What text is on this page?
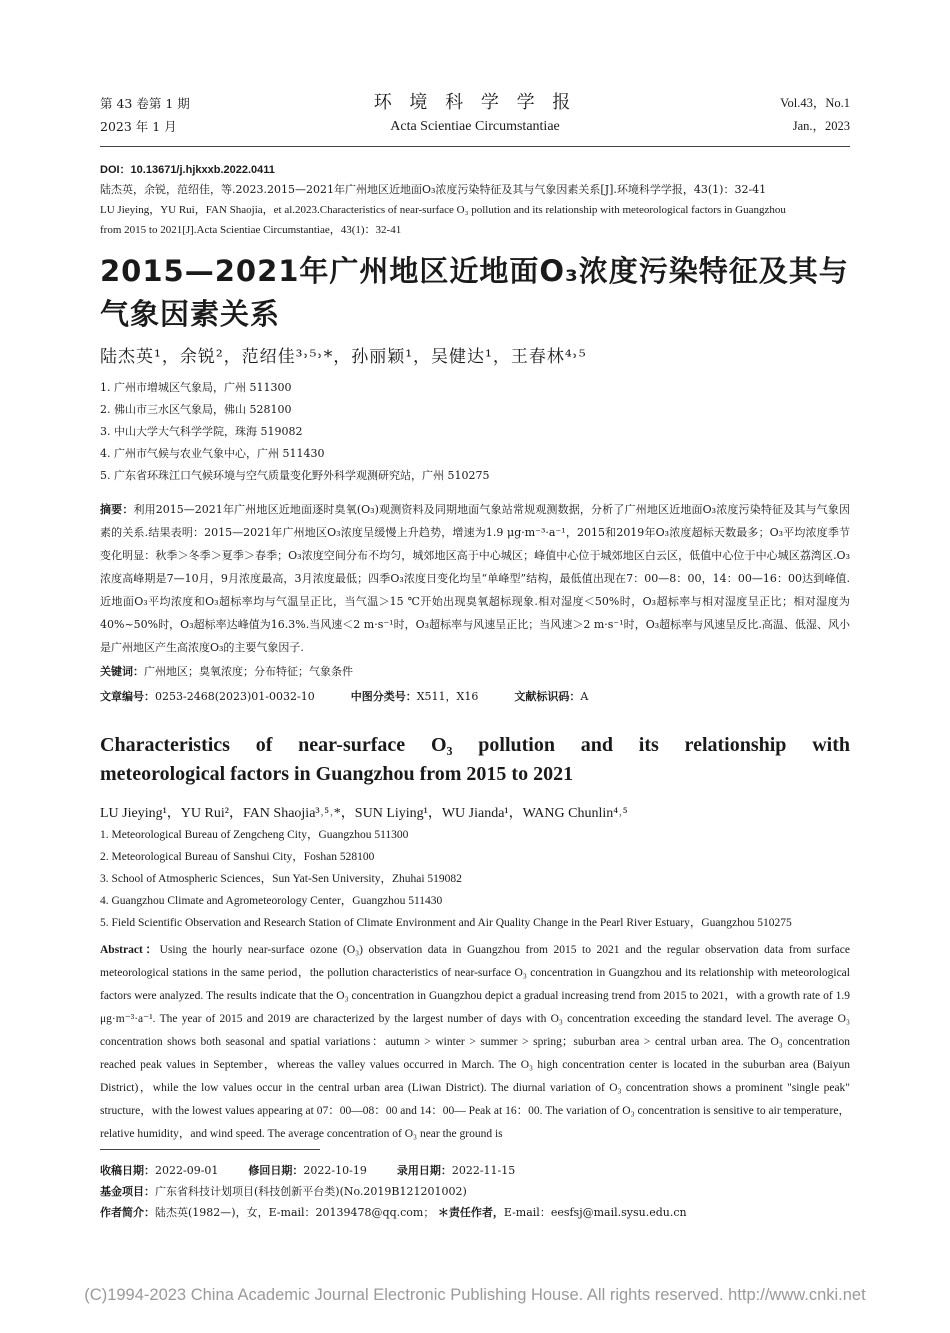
第 43 卷第 1 期
2023 年 1 月
环 境 科 学 学 报
Acta Scientiae Circumstantiae
Vol.43，No.1
Jan.，2023
DOI：10.13671/j.hjkxxb.2022.0411
陆杰英，余锐，范绍佳，等.2023.2015—2021年广州地区近地面O₃浓度污染特征及其与气象因素关系[J].环境科学学报，43(1)：32-41
LU Jieying，YU Rui，FAN Shaojia，et al.2023.Characteristics of near-surface O₃ pollution and its relationship with meteorological factors in Guangzhou
from 2015 to 2021[J].Acta Scientiae Circumstantiae，43(1)：32-41
2015—2021年广州地区近地面O₃浓度污染特征及其与
气象因素关系
陆杰英¹，余锐²，范绍佳³˒⁵˒*，孙丽颖¹，吴健达¹，王春林⁴˒⁵
1. 广州市增城区气象局，广州 511300
2. 佛山市三水区气象局，佛山 528100
3. 中山大学大气科学学院，珠海 519082
4. 广州市气候与农业气象中心，广州 511430
5. 广东省环珠江口气候环境与空气质量变化野外科学观测研究站，广州 510275
摘要：利用2015—2021年广州地区近地面逐时臭氧(O₃)观测资料及同期地面气象站常规观测数据，分析了广州地区近地面O₃浓度污染特征及其与气象因素的关系.结果表明：2015—2021年广州地区O₃浓度呈缓慢上升趋势，增速为1.9 μg·m⁻³·a⁻¹，2015和2019年O₃浓度超标天数最多；O₃平均浓度季节变化明显：秋季＞冬季＞夏季＞春季；O₃浓度空间分布不均匀，城郊地区高于中心城区；峰值中心位于城郊地区白云区，低值中心位于中心城区荔湾区.O₃浓度高峰期是7—10月，9月浓度最高，3月浓度最低；四季O₃浓度日变化均呈“单峰型”结构，最低值出现在7：00—8：00，14：00—16：00达到峰值.近地面O₃平均浓度和O₃超标率均与气温呈正比，当气温＞15 ℃开始出现臭氧超标现象.相对湿度＜50%时，O₃超标率与相对湿度呈正比；相对湿度为40%~50%时，O₃超标率达峰值为16.3%.当风速＜2 m·s⁻¹时，O₃超标率与风速呈正比；当风速＞2 m·s⁻¹时，O₃超标率与风速呈反比.高温、低湿、风小是广州地区产生高浓度O₃的主要气象因子.
关键词：广州地区；臭氧浓度；分布特征；气象条件
文章编号：0253-2468(2023)01-0032-10	中图分类号：X511，X16	文献标识码：A
Characteristics of near-surface O₃ pollution and its relationship with
meteorological factors in Guangzhou from 2015 to 2021
LU Jieying¹，YU Rui²，FAN Shaojia³˒⁵˒*，SUN Liying¹，WU Jianda¹，WANG Chunlin⁴˒⁵
1. Meteorological Bureau of Zengcheng City，Guangzhou 511300
2. Meteorological Bureau of Sanshui City，Foshan 528100
3. School of Atmospheric Sciences，Sun Yat-Sen University，Zhuhai 519082
4. Guangzhou Climate and Agrometeorology Center，Guangzhou 511430
5. Field Scientific Observation and Research Station of Climate Environment and Air Quality Change in the Pearl River Estuary，Guangzhou 510275
Abstract：Using the hourly near-surface ozone (O₃) observation data in Guangzhou from 2015 to 2021 and the regular observation data from surface meteorological stations in the same period，the pollution characteristics of near-surface O₃ concentration in Guangzhou and its relationship with meteorological factors were analyzed. The results indicate that the O₃ concentration in Guangzhou depict a gradual increasing trend from 2015 to 2021，with a growth rate of 1.9 μg·m⁻³·a⁻¹. The year of 2015 and 2019 are characterized by the largest number of days with O₃ concentration exceeding the standard level. The average O₃ concentration shows both seasonal and spatial variations：autumn > winter > summer > spring；suburban area > central urban area. The O₃ concentration reached peak values in September，whereas the valley values occurred in March. The O₃ high concentration center is located in the suburban area (Baiyun District)，while the low values occur in the central urban area (Liwan District). The diurnal variation of O₃ concentration shows a prominent "single peak" structure，with the lowest values appearing at 07：00—08：00 and 14：00— Peak at 16：00. The variation of O₃ concentration is sensitive to air temperature，relative humidity，and wind speed. The average concentration of O₃ near the ground is
收稿日期：2022-09-01	修回日期：2022-10-19	录用日期：2022-11-15
基金项目：广东省科技计划项目(科技创新平台类)(No.2019B121201002)
作者简介：陆杰英(1982—)，女，E-mail：20139478@qq.com； ＊责任作者，E-mail：eesfsj@mail.sysu.edu.cn
(C)1994-2023 China Academic Journal Electronic Publishing House. All rights reserved. http://www.cnki.net
